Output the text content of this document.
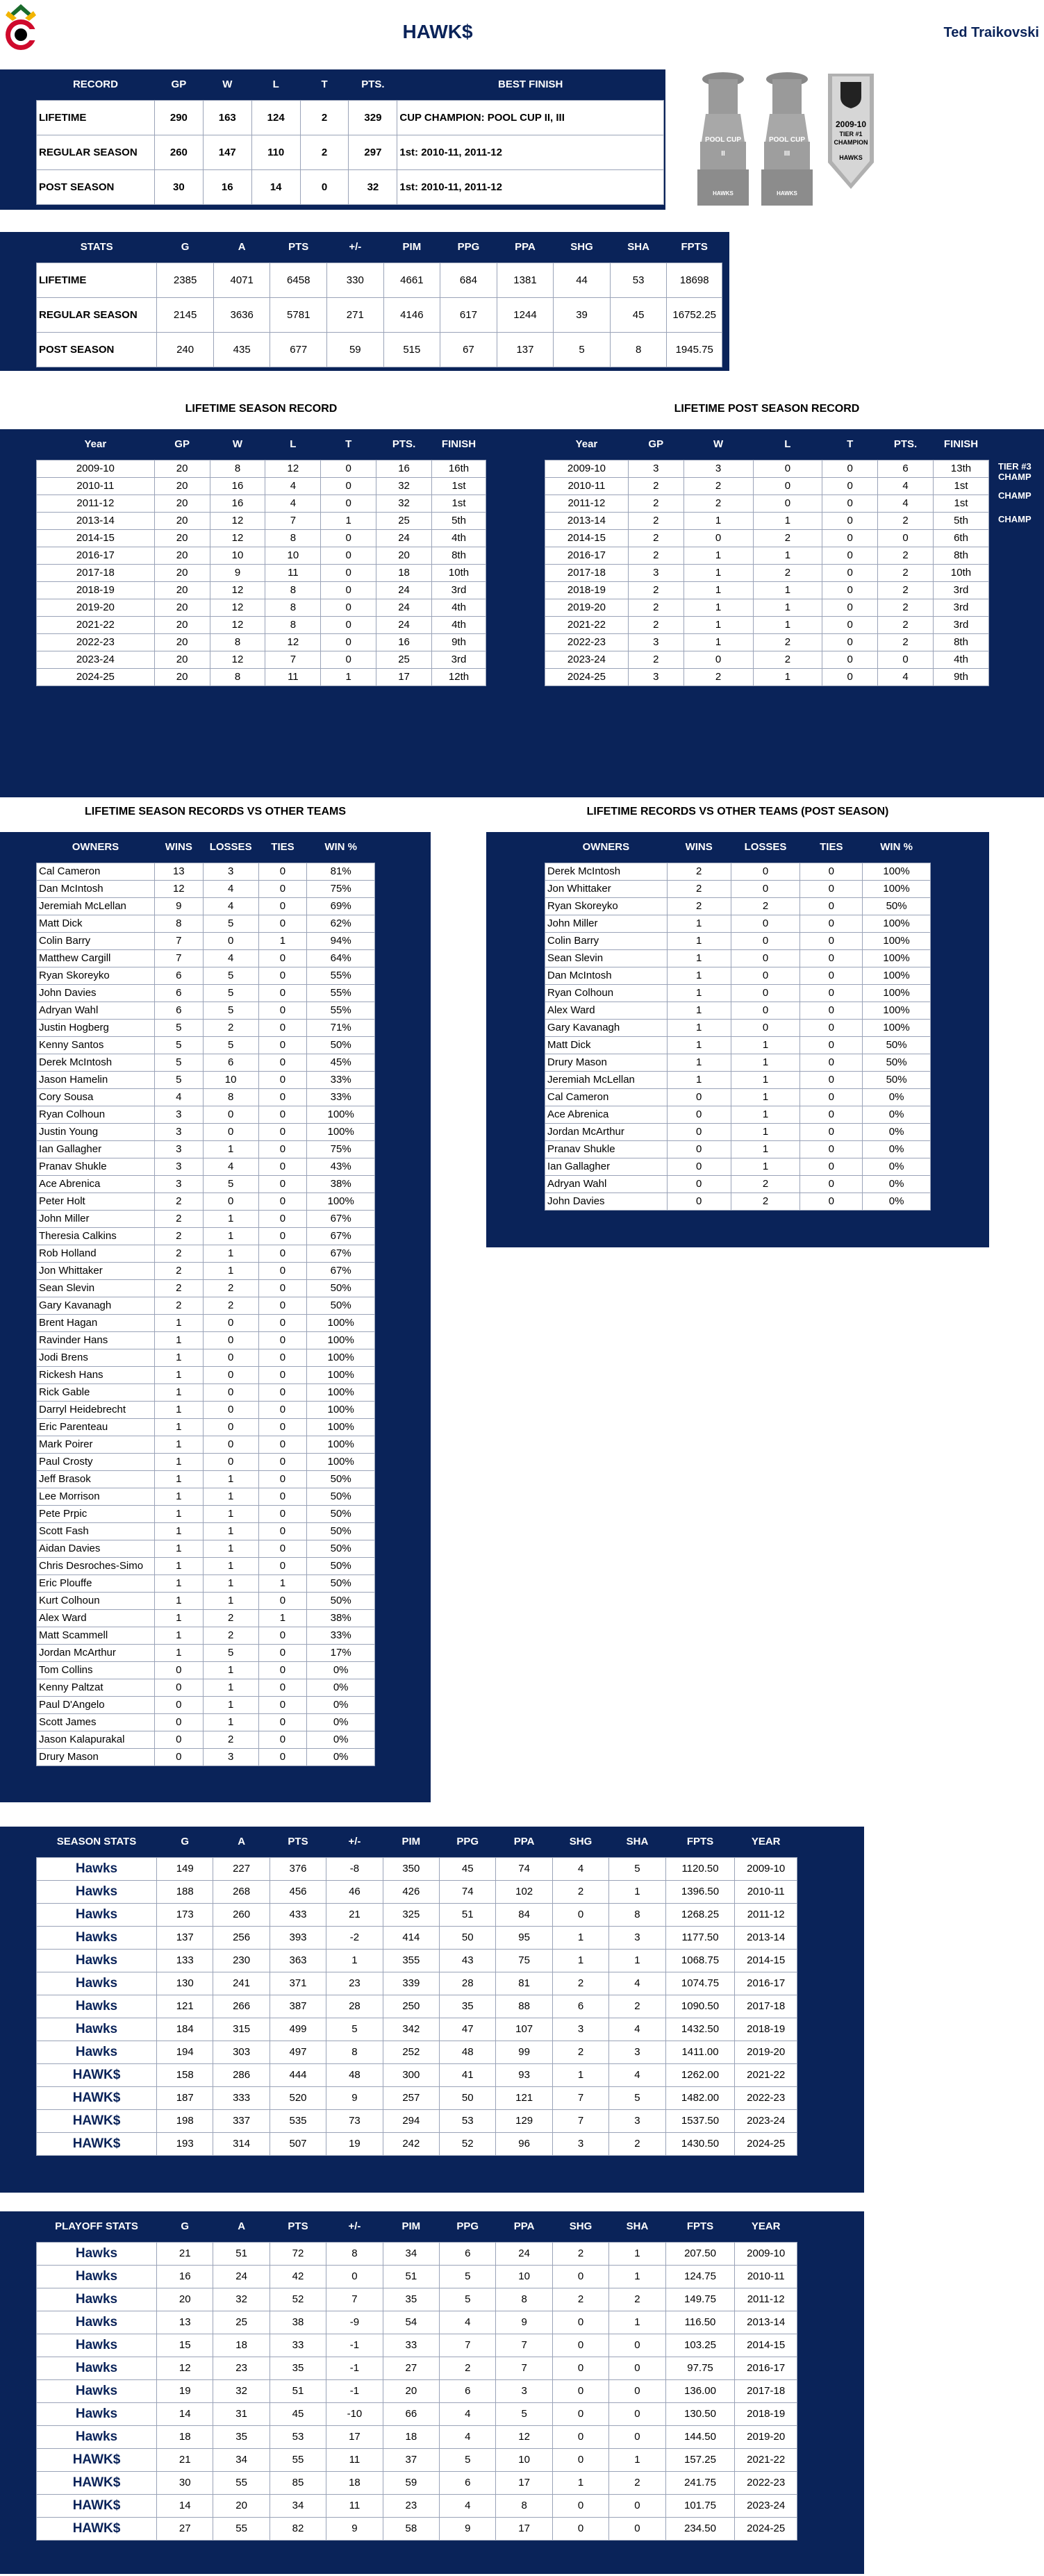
HAWK$	Ted Traikovski
RECORD	GP	W	L	T	PTS.	BEST FINISH
LIFETIME	290	163	124	2	329	CUP CHAMPION: POOL CUP II, III
REGULAR SEASON	260	147	110	2	297	1st: 2010-11, 2011-12
POST SEASON	30	16	14	0	32	1st: 2010-11, 2011-12
POOL CUP
II
HAWKS
POOL CUP
III
HAWKS
2009-10
TIER #1
CHAMPION
HAWKS
STATS	G	A	PTS	+/-	PIM	PPG	PPA	SHG	SHA	FPTS
LIFETIME	2385	4071	6458	330	4661	684	1381	44	53	18698
REGULAR SEASON	2145	3636	5781	271	4146	617	1244	39	45	16752.25
POST SEASON	240	435	677	59	515	67	137	5	8	1945.75
LIFETIME SEASON RECORD	LIFETIME POST SEASON RECORD
Year	GP	W	L	T	PTS.	FINISH
2009-10	20	8	12	0	16	16th
2010-11	20	16	4	0	32	1st
2011-12	20	16	4	0	32	1st
2013-14	20	12	7	1	25	5th
2014-15	20	12	8	0	24	4th
2016-17	20	10	10	0	20	8th
2017-18	20	9	11	0	18	10th
2018-19	20	12	8	0	24	3rd
2019-20	20	12	8	0	24	4th
2021-22	20	12	8	0	24	4th
2022-23	20	8	12	0	16	9th
2023-24	20	12	7	0	25	3rd
2024-25	20	8	11	1	17	12th
Year	GP	W	L	T	PTS.	FINISH
2009-10	3	3	0	0	6	13th
2010-11	2	2	0	0	4	1st
2011-12	2	2	0	0	4	1st
2013-14	2	1	1	0	2	5th
2014-15	2	0	2	0	0	6th
2016-17	2	1	1	0	2	8th
2017-18	3	1	2	0	2	10th
2018-19	2	1	1	0	2	3rd
2019-20	2	1	1	0	2	3rd
2021-22	2	1	1	0	2	3rd
2022-23	3	1	2	0	2	8th
2023-24	2	0	2	0	0	4th
2024-25	3	2	1	0	4	9th
TIER #3
CHAMP
CHAMP
CHAMP
LIFETIME SEASON RECORDS VS OTHER TEAMS	LIFETIME RECORDS VS OTHER TEAMS (POST SEASON)
OWNERS	WINS	LOSSES	TIES	WIN %
Cal Cameron	13	3	0	81%
Dan McIntosh	12	4	0	75%
Jeremiah McLellan	9	4	0	69%
Matt Dick	8	5	0	62%
Colin Barry	7	0	1	94%
Matthew Cargill	7	4	0	64%
Ryan Skoreyko	6	5	0	55%
John Davies	6	5	0	55%
Adryan Wahl	6	5	0	55%
Justin Hogberg	5	2	0	71%
Kenny Santos	5	5	0	50%
Derek McIntosh	5	6	0	45%
Jason Hamelin	5	10	0	33%
Cory Sousa	4	8	0	33%
Ryan Colhoun	3	0	0	100%
Justin Young	3	0	0	100%
Ian Gallagher	3	1	0	75%
Pranav Shukle	3	4	0	43%
Ace Abrenica	3	5	0	38%
Peter Holt	2	0	0	100%
John Miller	2	1	0	67%
Theresia Calkins	2	1	0	67%
Rob Holland	2	1	0	67%
Jon Whittaker	2	1	0	67%
Sean Slevin	2	2	0	50%
Gary Kavanagh	2	2	0	50%
Brent Hagan	1	0	0	100%
Ravinder Hans	1	0	0	100%
Jodi Brens	1	0	0	100%
Rickesh Hans	1	0	0	100%
Rick Gable	1	0	0	100%
Darryl Heidebrecht	1	0	0	100%
Eric Parenteau	1	0	0	100%
Mark Poirer	1	0	0	100%
Paul Crosty	1	0	0	100%
Jeff Brasok	1	1	0	50%
Lee Morrison	1	1	0	50%
Pete Prpic	1	1	0	50%
Scott Fash	1	1	0	50%
Aidan Davies	1	1	0	50%
Chris Desroches-Simo	1	1	0	50%
Eric Plouffe	1	1	1	50%
Kurt Colhoun	1	1	0	50%
Alex Ward	1	2	1	38%
Matt Scammell	1	2	0	33%
Jordan McArthur	1	5	0	17%
Tom Collins	0	1	0	0%
Kenny Paltzat	0	1	0	0%
Paul D'Angelo	0	1	0	0%
Scott James	0	1	0	0%
Jason Kalapurakal	0	2	0	0%
Drury Mason	0	3	0	0%
OWNERS	WINS	LOSSES	TIES	WIN %
Derek McIntosh	2	0	0	100%
Jon Whittaker	2	0	0	100%
Ryan Skoreyko	2	2	0	50%
John Miller	1	0	0	100%
Colin Barry	1	0	0	100%
Sean Slevin	1	0	0	100%
Dan McIntosh	1	0	0	100%
Ryan Colhoun	1	0	0	100%
Alex Ward	1	0	0	100%
Gary Kavanagh	1	0	0	100%
Matt Dick	1	1	0	50%
Drury Mason	1	1	0	50%
Jeremiah McLellan	1	1	0	50%
Cal Cameron	0	1	0	0%
Ace Abrenica	0	1	0	0%
Jordan McArthur	0	1	0	0%
Pranav Shukle	0	1	0	0%
Ian Gallagher	0	1	0	0%
Adryan Wahl	0	2	0	0%
John Davies	0	2	0	0%
SEASON STATS	G	A	PTS	+/-	PIM	PPG	PPA	SHG	SHA	FPTS	YEAR
Hawks	149	227	376	-8	350	45	74	4	5	1120.50	2009-10
Hawks	188	268	456	46	426	74	102	2	1	1396.50	2010-11
Hawks	173	260	433	21	325	51	84	0	8	1268.25	2011-12
Hawks	137	256	393	-2	414	50	95	1	3	1177.50	2013-14
Hawks	133	230	363	1	355	43	75	1	1	1068.75	2014-15
Hawks	130	241	371	23	339	28	81	2	4	1074.75	2016-17
Hawks	121	266	387	28	250	35	88	6	2	1090.50	2017-18
Hawks	184	315	499	5	342	47	107	3	4	1432.50	2018-19
Hawks	194	303	497	8	252	48	99	2	3	1411.00	2019-20
HAWK$	158	286	444	48	300	41	93	1	4	1262.00	2021-22
HAWK$	187	333	520	9	257	50	121	7	5	1482.00	2022-23
HAWK$	198	337	535	73	294	53	129	7	3	1537.50	2023-24
HAWK$	193	314	507	19	242	52	96	3	2	1430.50	2024-25
PLAYOFF STATS	G	A	PTS	+/-	PIM	PPG	PPA	SHG	SHA	FPTS	YEAR
Hawks	21	51	72	8	34	6	24	2	1	207.50	2009-10
Hawks	16	24	42	0	51	5	10	0	1	124.75	2010-11
Hawks	20	32	52	7	35	5	8	2	2	149.75	2011-12
Hawks	13	25	38	-9	54	4	9	0	1	116.50	2013-14
Hawks	15	18	33	-1	33	7	7	0	0	103.25	2014-15
Hawks	12	23	35	-1	27	2	7	0	0	97.75	2016-17
Hawks	19	32	51	-1	20	6	3	0	0	136.00	2017-18
Hawks	14	31	45	-10	66	4	5	0	0	130.50	2018-19
Hawks	18	35	53	17	18	4	12	0	0	144.50	2019-20
HAWK$	21	34	55	11	37	5	10	0	1	157.25	2021-22
HAWK$	30	55	85	18	59	6	17	1	2	241.75	2022-23
HAWK$	14	20	34	11	23	4	8	0	0	101.75	2023-24
HAWK$	27	55	82	9	58	9	17	0	0	234.50	2024-25
